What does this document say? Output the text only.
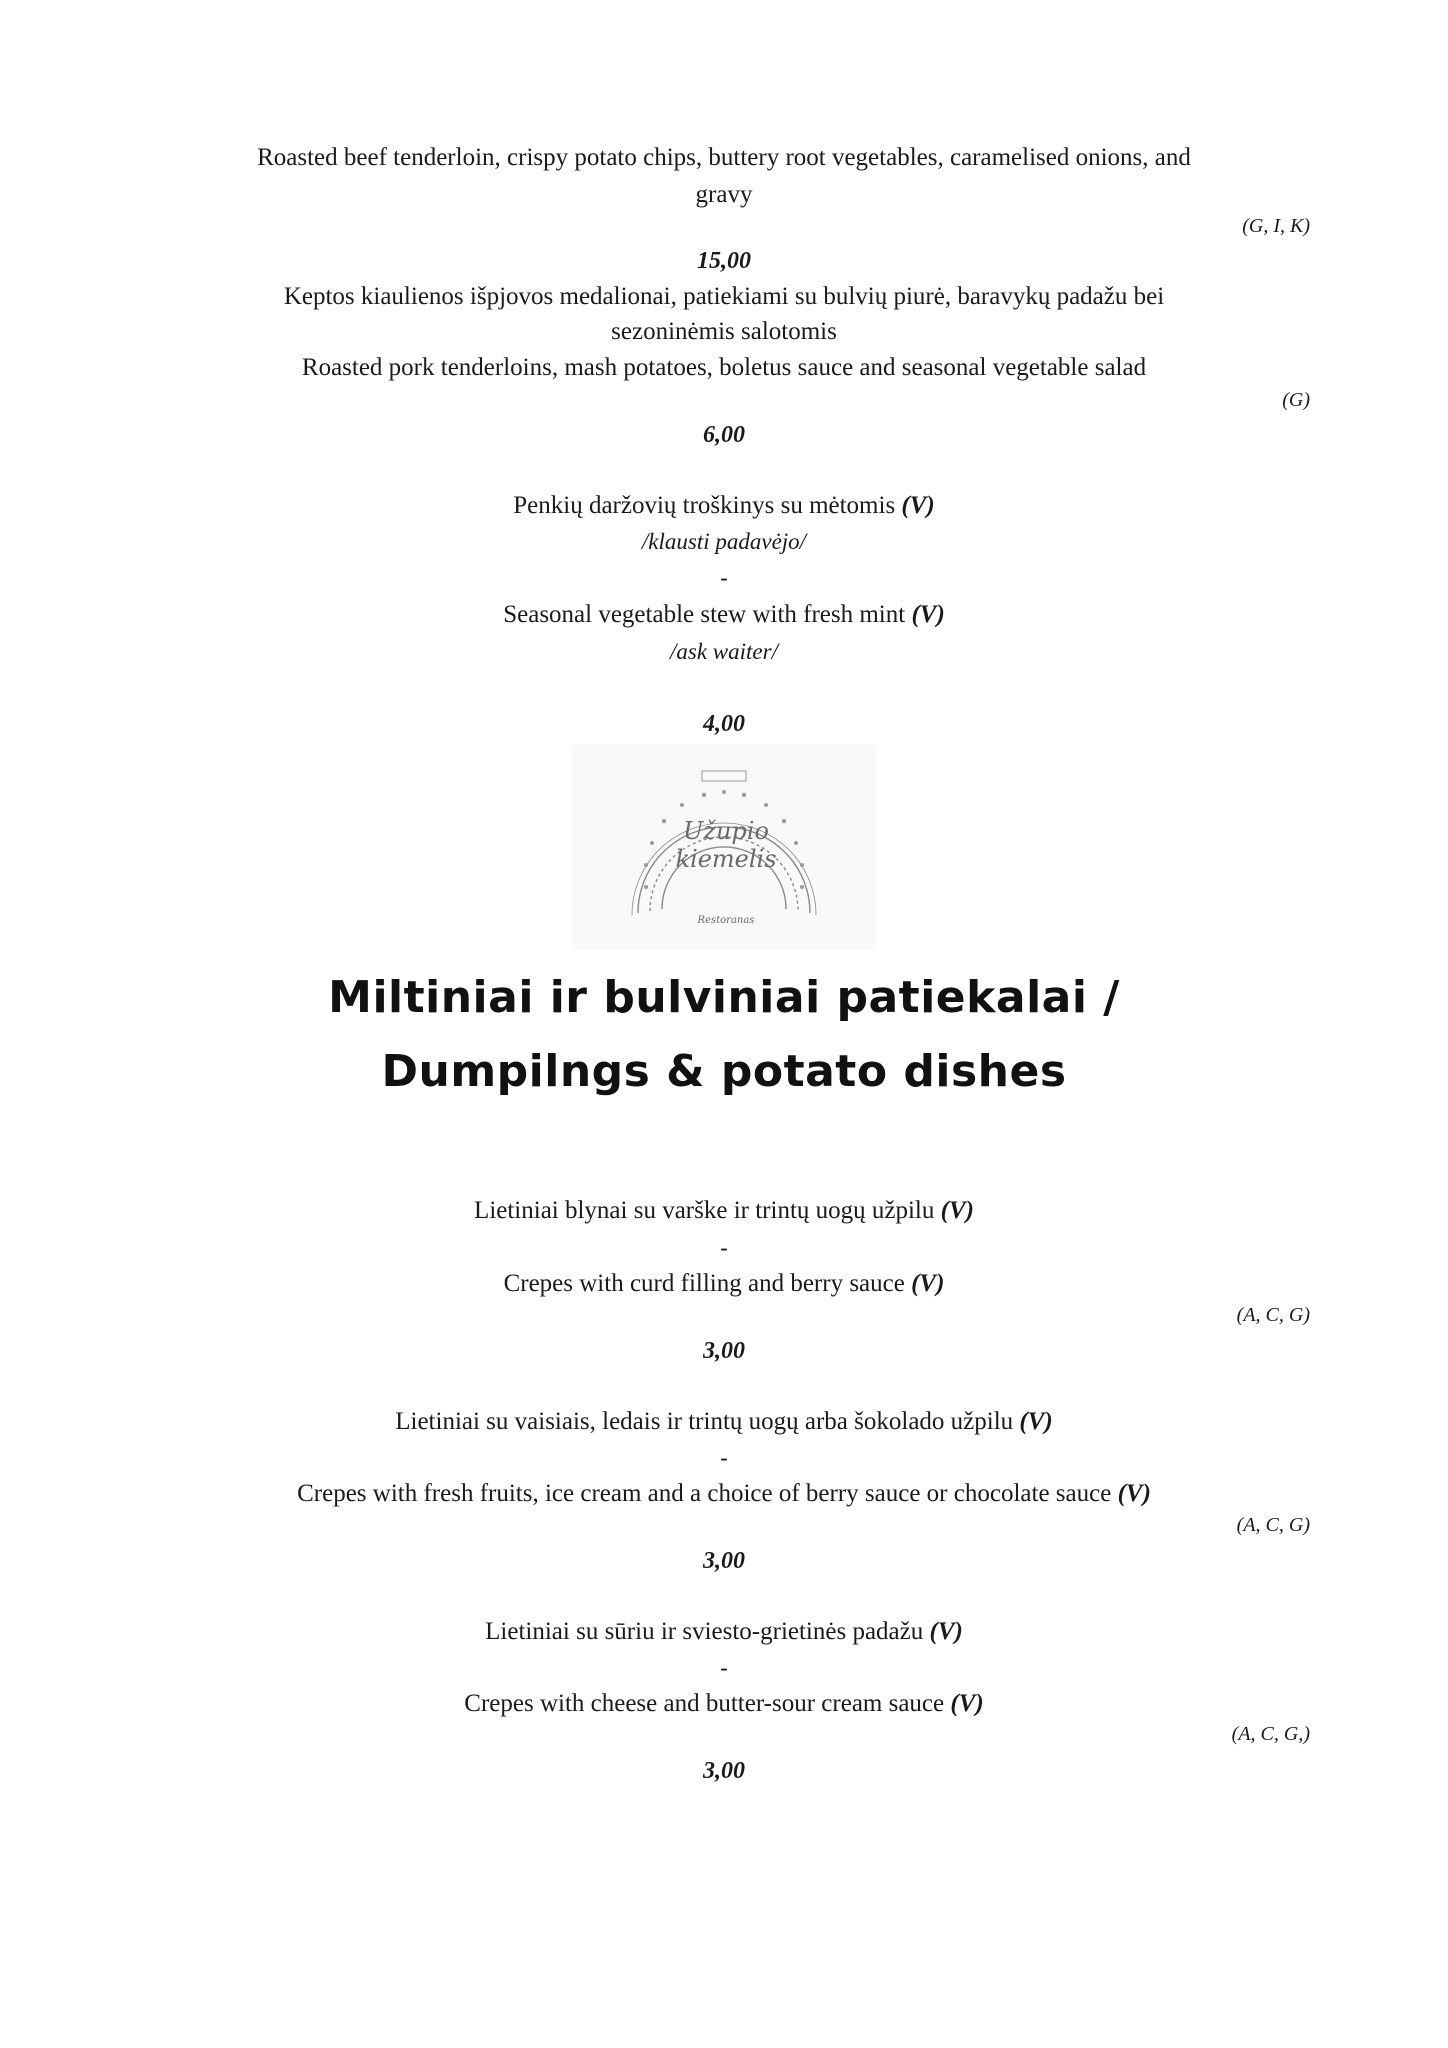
Roasted beef tenderloin, crispy potato chips, buttery root vegetables, caramelised onions, and
gravy
(G, I, K)
15,00
Keptos kiaulienos išpjovos medalionai, patiekiami su bulvių piurė, baravykų padažu bei
sezoninėmis salotomis
Roasted pork tenderloins, mash potatoes, boletus sauce and seasonal vegetable salad
(G)
6,00
Penkių daržovių troškinys su mėtomis (V)
/klausti padavėjo/
-
Seasonal vegetable stew with fresh mint (V)
/ask waiter/
4,00
Užupio
kiemelis
Restoranas
Miltiniai ir bulviniai patiekalai /
Dumpilngs & potato dishes
Lietiniai blynai su varške ir trintų uogų užpilu (V)
-
Crepes with curd filling and berry sauce (V)
(A, C, G)
3,00
Lietiniai su vaisiais, ledais ir trintų uogų arba šokolado užpilu (V)
-
Crepes with fresh fruits, ice cream and a choice of berry sauce or chocolate sauce (V)
(A, C, G)
3,00
Lietiniai su sūriu ir sviesto-grietinės padažu (V)
-
Crepes with cheese and butter-sour cream sauce (V)
(A, C, G,)
3,00
